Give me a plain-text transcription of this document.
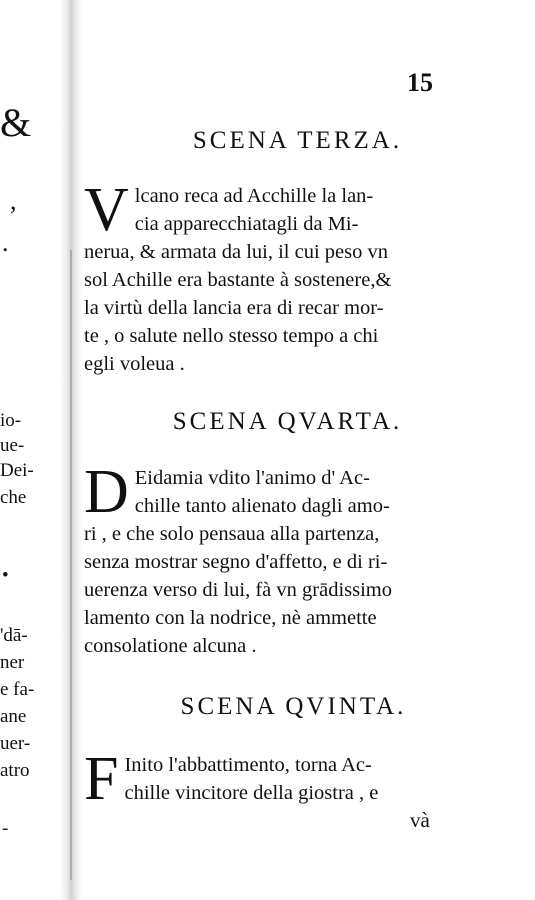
&
,
.
io-
ue-
Dei-
che
•
'dā-
ner
e fa-
ane
uer-
atro
-
15
SCENA TERZA.
V lcano reca ad Acchille la lan-
cia apparecchiatagli da Mi-
nerua, & armata da lui, il cui peso vn
sol Achille era bastante à sostenere,&
la virtù della lancia era di recar mor-
te , o salute nello stesso tempo a chi
egli voleua .
SCENA QVARTA.
D Eidamia vdito l'animo d' Ac-
chille tanto alienato dagli amo-
ri , e che solo pensaua alla partenza,
senza mostrar segno d'affetto, e di ri-
uerenza verso di lui, fà vn grādissimo
lamento con la nodrice, nè ammette
consolatione alcuna .
SCENA QVINTA.
F Inito l'abbattimento, torna Ac-
chille vincitore della giostra , e
và
